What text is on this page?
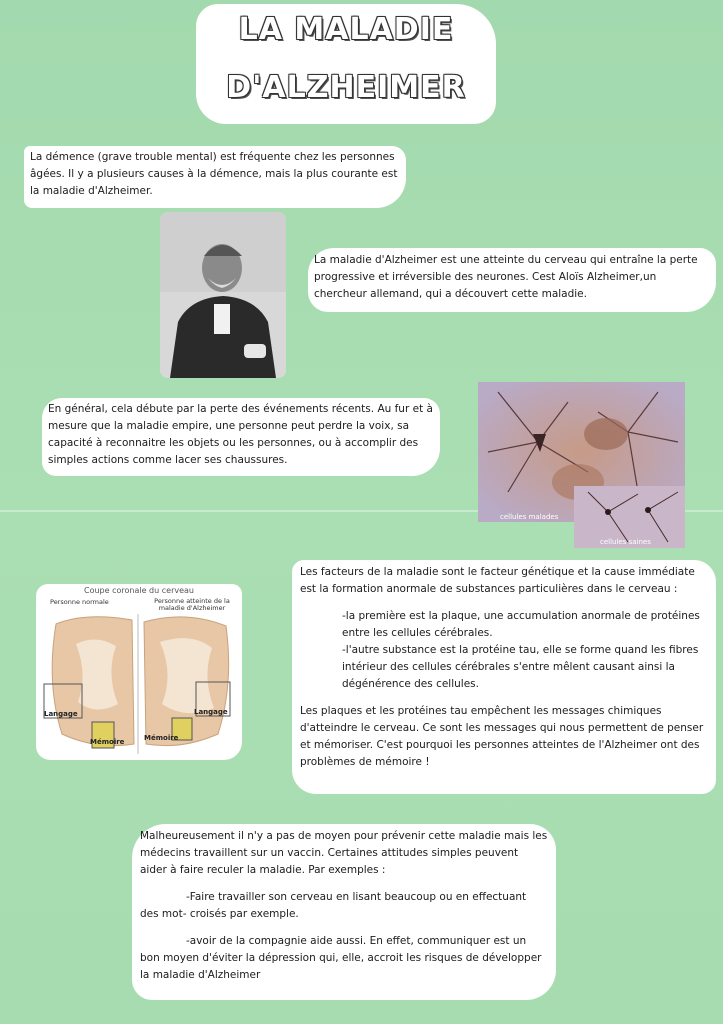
LA MALADIE
D'ALZHEIMER

La démence (grave trouble mental) est fréquente chez les personnes âgées. Il y a plusieurs causes à la démence, mais la plus courante est la maladie d'Alzheimer.

La maladie d'Alzheimer est une atteinte du cerveau qui entraîne la perte progressive et irréversible des neurones. Cest Aloïs Alzheimer,un chercheur allemand, qui a découvert cette maladie.

En général, cela débute par la perte des événements récents. Au fur et à mesure que la maladie empire, une personne peut perdre la voix, sa capacité à reconnaitre les objets ou les personnes, ou à accomplir des simples actions comme lacer ses chaussures.

cellules malades
cellules saines
Coupe coronale du cerveau
Personne normale	Personne atteinte de la maladie d'Alzheimer
Langage	Langage
Mémoire	Mémoire

Les facteurs de la maladie sont le facteur génétique et la cause immédiate est la formation anormale de substances particulières dans le cerveau :

-la première est la plaque, une accumulation anormale de protéines entre les cellules cérébrales.

-l'autre substance est la protéine tau, elle se forme quand les fibres intérieur des cellules cérébrales s'entre mêlent causant ainsi la dégénérence des cellules.

Les plaques et les protéines tau empêchent les messages chimiques d'atteindre le cerveau. Ce sont les messages qui nous permettent de penser et mémoriser. C'est pourquoi les personnes atteintes de l'Alzheimer ont des problèmes de mémoire !

Malheureusement il n'y a pas de moyen pour prévenir cette maladie mais les médecins travaillent sur un vaccin. Certaines attitudes simples peuvent aider à faire reculer la maladie. Par exemples :

-Faire travailler son cerveau en lisant beaucoup ou en effectuant des mot- croisés par exemple.

-avoir de la compagnie aide aussi. En effet, communiquer est un bon moyen d'éviter la dépression qui, elle, accroit les risques de développer la maladie d'Alzheimer
